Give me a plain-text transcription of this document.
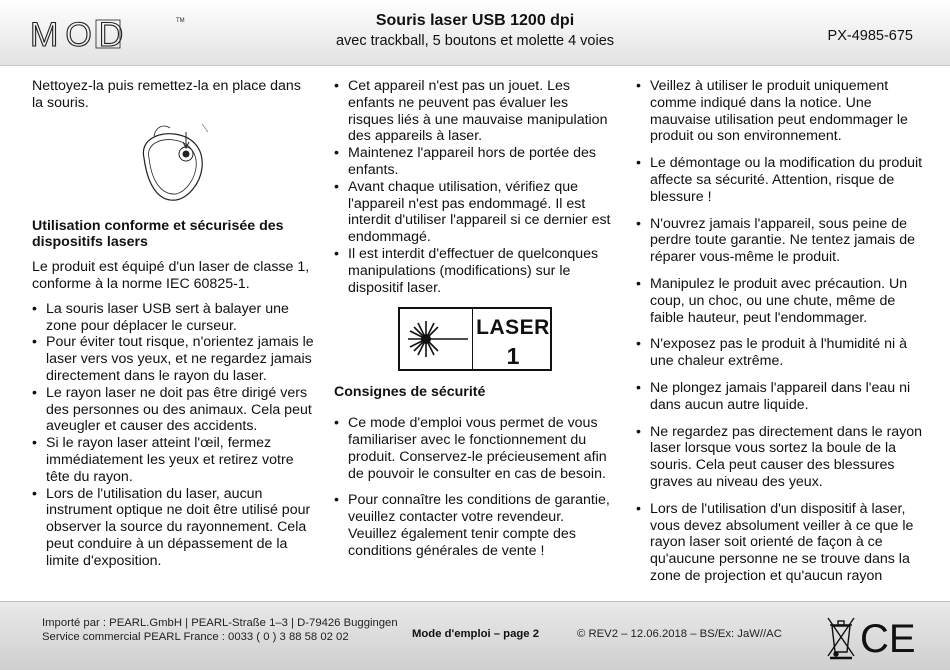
MOD	TM	Souris laser USB 1200 dpi
avec trackball, 5 boutons et molette 4 voies	PX-4985-675

Nettoyez-la puis remettez-la en place dans la souris.

Utilisation conforme et sécurisée des dispositifs lasers

Le produit est équipé d'un laser de classe 1, conforme à la norme IEC 60825-1.

• La souris laser USB sert à balayer une zone pour déplacer le curseur.

• Pour éviter tout risque, n'orientez jamais le laser vers vos yeux, et ne regardez jamais directement dans le rayon du laser.

• Le rayon laser ne doit pas être dirigé vers des personnes ou des animaux. Cela peut aveugler et causer des accidents.

• Si le rayon laser atteint l'œil, fermez immédiatement les yeux et retirez votre tête du rayon.

• Lors de l'utilisation du laser, aucun instrument optique ne doit être utilisé pour observer la source du rayonnement. Cela peut conduire à un dépassement de la limite d'exposition.

• Cet appareil n'est pas un jouet. Les enfants ne peuvent pas évaluer les risques liés à une mauvaise manipulation des appareils à laser.

• Maintenez l'appareil hors de portée des enfants.

• Avant chaque utilisation, vérifiez que l'appareil n'est pas endommagé. Il est interdit d'utiliser l'appareil si ce dernier est endommagé.

• Il est interdit d'effectuer de quelconques manipulations (modifications) sur le dispositif laser.

Consignes de sécurité

• Ce mode d'emploi vous permet de vous familiariser avec le fonctionnement du produit. Conservez-le précieusement afin de pouvoir le consulter en cas de besoin.

• Pour connaître les conditions de garantie, veuillez contacter votre revendeur. Veuillez également tenir compte des conditions générales de vente !

LASER
1

• Veillez à utiliser le produit uniquement comme indiqué dans la notice. Une mauvaise utilisation peut endommager le produit ou son environnement.

• Le démontage ou la modification du produit affecte sa sécurité. Attention, risque de blessure !

• N'ouvrez jamais l'appareil, sous peine de perdre toute garantie. Ne tentez jamais de réparer vous-même le produit.

• Manipulez le produit avec précaution. Un coup, un choc, ou une chute, même de faible hauteur, peut l'endommager.

• N'exposez pas le produit à l'humidité ni à une chaleur extrême.

• Ne plongez jamais l'appareil dans l'eau ni dans aucun autre liquide.

• Ne regardez pas directement dans le rayon laser lorsque vous sortez la boule de la souris. Cela peut causer des blessures graves au niveau des yeux.

• Lors de l'utilisation d'un dispositif à laser, vous devez absolument veiller à ce que le rayon laser soit orienté de façon à ce qu'aucune personne ne se trouve dans la zone de projection et qu'aucun rayon

Importé par : PEARL.GmbH | PEARL-Straße 1–3 | D-79426 Buggingen
Service commercial PEARL France : 0033 ( 0 ) 3 88 58 02 02	Mode d'emploi – page 2	© REV2 – 12.06.2018 – BS/Ex: JaW//AC CE
